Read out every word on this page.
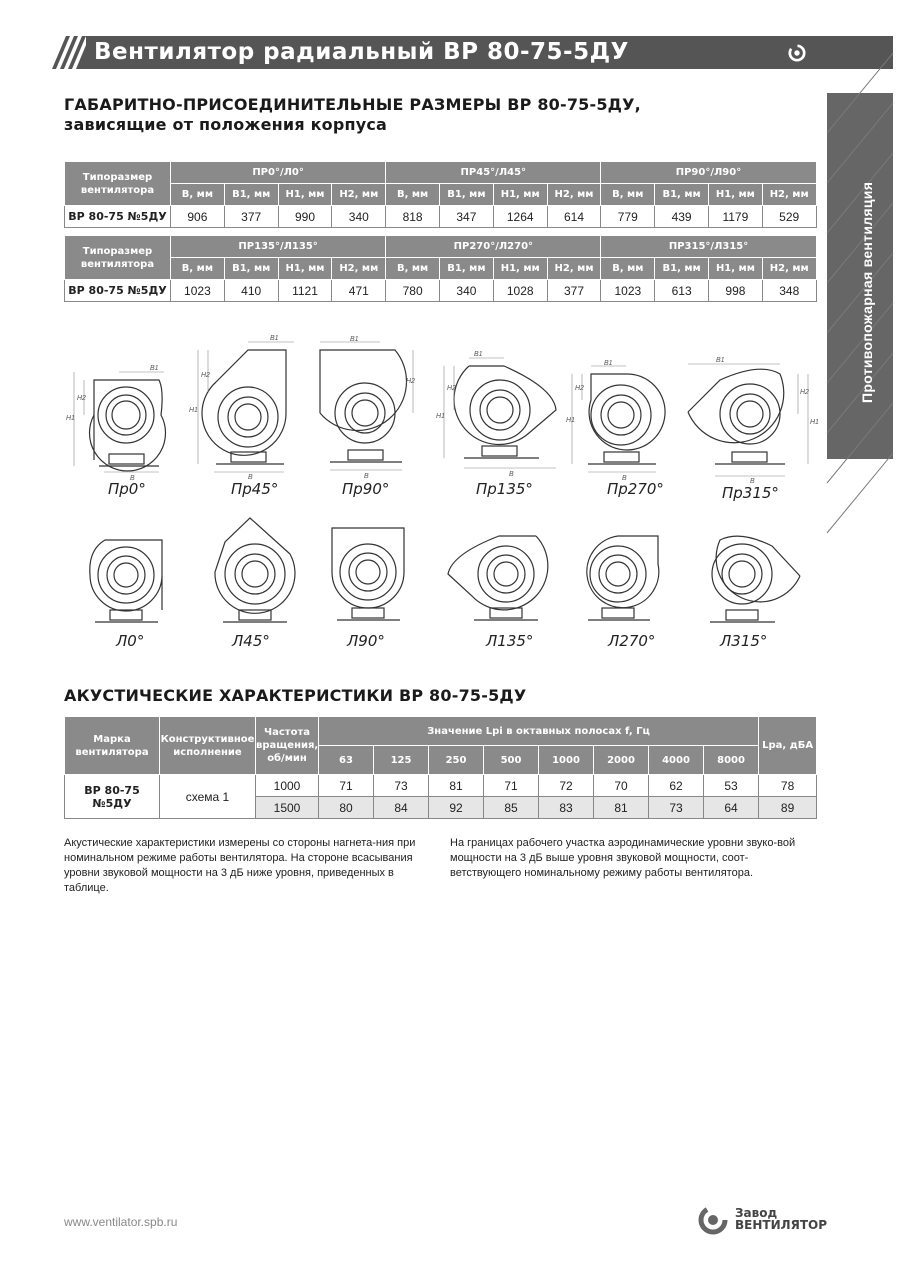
Вентилятор радиальный ВР 80-75-5ДУ	33
Противопожарная вентиляция
ГАБАРИТНО-ПРИСОЕДИНИТЕЛЬНЫЕ РАЗМЕРЫ ВР 80-75-5ДУ,
зависящие от положения корпуса
Типоразмер вентилятора	ПР0°/Л0°				ПР45°/Л45°				ПР90°/Л90°			
	В, мм	В1, мм	Н1, мм	Н2, мм	В, мм	В1, мм	Н1, мм	Н2, мм	В, мм	В1, мм	Н1, мм	Н2, мм
ВР 80-75 №5ДУ	906	377	990	340	818	347	1264	614	779	439	1179	529
Типоразмер вентилятора	ПР135°/Л135°				ПР270°/Л270°				ПР315°/Л315°			
	В, мм	В1, мм	Н1, мм	Н2, мм	В, мм	В1, мм	Н1, мм	Н2, мм	В, мм	В1, мм	Н1, мм	Н2, мм
ВР 80-75 №5ДУ	1023	410	1121	471	780	340	1028	377	1023	613	998	348
Н1
Н2
В1
В
Пр0°
Н1
Н2
В1
В
Пр45°
Н2
В1
В
Пр90°
Н1
Н2
В1
В
Пр135°
Н1
Н2
В1
В
Пр270°
Н1
Н2
В1
В
Пр315°
Л0°	Л45°	Л90°	Л135°	Л270°	Л315°
АКУСТИЧЕСКИЕ ХАРАКТЕРИСТИКИ ВР 80-75-5ДУ
Марка вентилятора	Конструктивное исполнение	Частота вращения, об/мин	Значение Lpi в октавных полосах f, Гц								Lpa, дБА
			63	125	250	500	1000	2000	4000	8000	
ВР 80-75 №5ДУ	схема 1	1000	71	73	81	71	72	70	62	53	78
		1500	80	84	92	85	83	81	73	64	89
Акустические характеристики измерены со стороны нагнета-ния при номинальном режиме работы вентилятора. На стороне всасывания уровни звуковой мощности на 3 дБ ниже уровня, приведенных в таблице.
На границах рабочего участка аэродинамические уровни звуко-вой мощности на 3 дБ выше уровня звуковой мощности, соот-ветствующего номинальному режиму работы вентилятора.
www.ventilator.spb.ru
Завод
ВЕНТИЛЯТОР
